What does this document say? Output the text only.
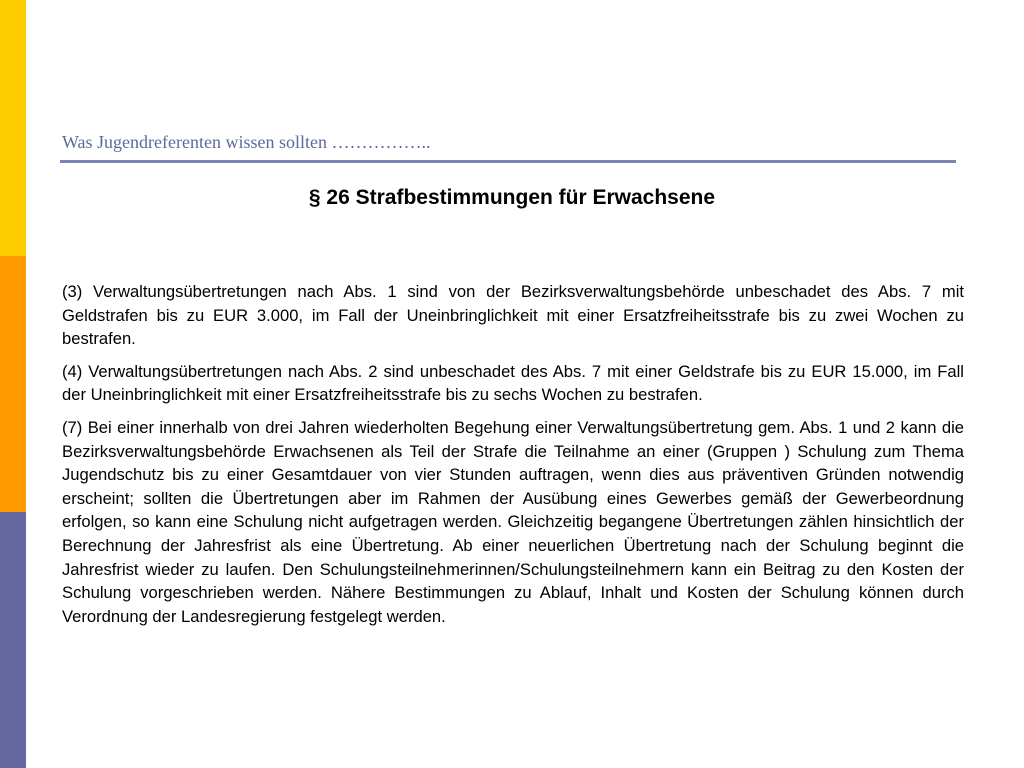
Was Jugendreferenten wissen sollten ……………..
§ 26 Strafbestimmungen für Erwachsene

(3) Verwaltungsübertretungen nach Abs. 1 sind von der Bezirksverwaltungsbehörde unbeschadet des Abs. 7 mit Geldstrafen bis zu EUR 3.000, im Fall der Uneinbringlichkeit mit einer Ersatzfreiheitsstrafe bis zu zwei Wochen zu bestrafen.

(4) Verwaltungsübertretungen nach Abs. 2 sind unbeschadet des Abs. 7 mit einer Geldstrafe bis zu EUR 15.000, im Fall der Uneinbringlichkeit mit einer Ersatzfreiheitsstrafe bis zu sechs Wochen zu bestrafen.

(7) Bei einer innerhalb von drei Jahren wiederholten Begehung einer Verwaltungsübertretung gem. Abs. 1 und 2 kann die Bezirksverwaltungsbehörde Erwachsenen als Teil der Strafe die Teilnahme an einer (Gruppen ) Schulung zum Thema Jugendschutz bis zu einer Gesamtdauer von vier Stunden auftragen, wenn dies aus präventiven Gründen notwendig erscheint; sollten die Übertretungen aber im Rahmen der Ausübung eines Gewerbes gemäß der Gewerbeordnung erfolgen, so kann eine Schulung nicht aufgetragen werden. Gleichzeitig begangene Übertretungen zählen hinsichtlich der Berechnung der Jahresfrist als eine Übertretung. Ab einer neuerlichen Übertretung nach der Schulung beginnt die Jahresfrist wieder zu laufen. Den Schulungsteilnehmerinnen/Schulungsteilnehmern kann ein Beitrag zu den Kosten der Schulung vorgeschrieben werden. Nähere Bestimmungen zu Ablauf, Inhalt und Kosten der Schulung können durch Verordnung der Landesregierung festgelegt werden.
